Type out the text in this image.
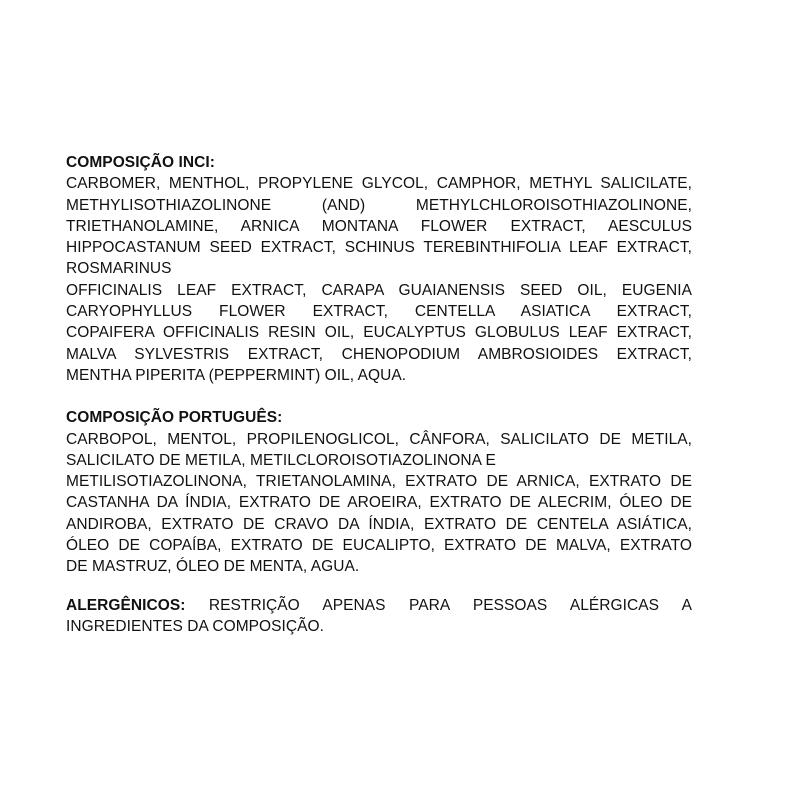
COMPOSIÇÃO INCI:
CARBOMER, MENTHOL, PROPYLENE GLYCOL, CAMPHOR, METHYL SALICILATE,
METHYLISOTHIAZOLINONE (AND) METHYLCHLOROISOTHIAZOLINONE,
TRIETHANOLAMINE, ARNICA MONTANA FLOWER EXTRACT, AESCULUS
HIPPOCASTANUM SEED EXTRACT, SCHINUS TEREBINTHIFOLIA LEAF EXTRACT,
ROSMARINUS
OFFICINALIS LEAF EXTRACT, CARAPA GUAIANENSIS SEED OIL, EUGENIA
CARYOPHYLLUS FLOWER EXTRACT, CENTELLA ASIATICA EXTRACT,
COPAIFERA OFFICINALIS RESIN OIL, EUCALYPTUS GLOBULUS LEAF EXTRACT,
MALVA SYLVESTRIS EXTRACT, CHENOPODIUM AMBROSIOIDES EXTRACT,
MENTHA PIPERITA (PEPPERMINT) OIL, AQUA.
COMPOSIÇÃO PORTUGUÊS:
CARBOPOL, MENTOL, PROPILENOGLICOL, CÂNFORA, SALICILATO DE METILA,
SALICILATO DE METILA, METILCLOROISOTIAZOLINONA E
METILISOTIAZOLINONA, TRIETANOLAMINA, EXTRATO DE ARNICA, EXTRATO DE
CASTANHA DA ÍNDIA, EXTRATO DE AROEIRA, EXTRATO DE ALECRIM, ÓLEO DE
ANDIROBA, EXTRATO DE CRAVO DA ÍNDIA, EXTRATO DE CENTELA ASIÁTICA,
ÓLEO DE COPAÍBA, EXTRATO DE EUCALIPTO, EXTRATO DE MALVA, EXTRATO
DE MASTRUZ, ÓLEO DE MENTA, AGUA.
ALERGÊNICOS: RESTRIÇÃO APENAS PARA PESSOAS ALÉRGICAS A
INGREDIENTES DA COMPOSIÇÃO.
